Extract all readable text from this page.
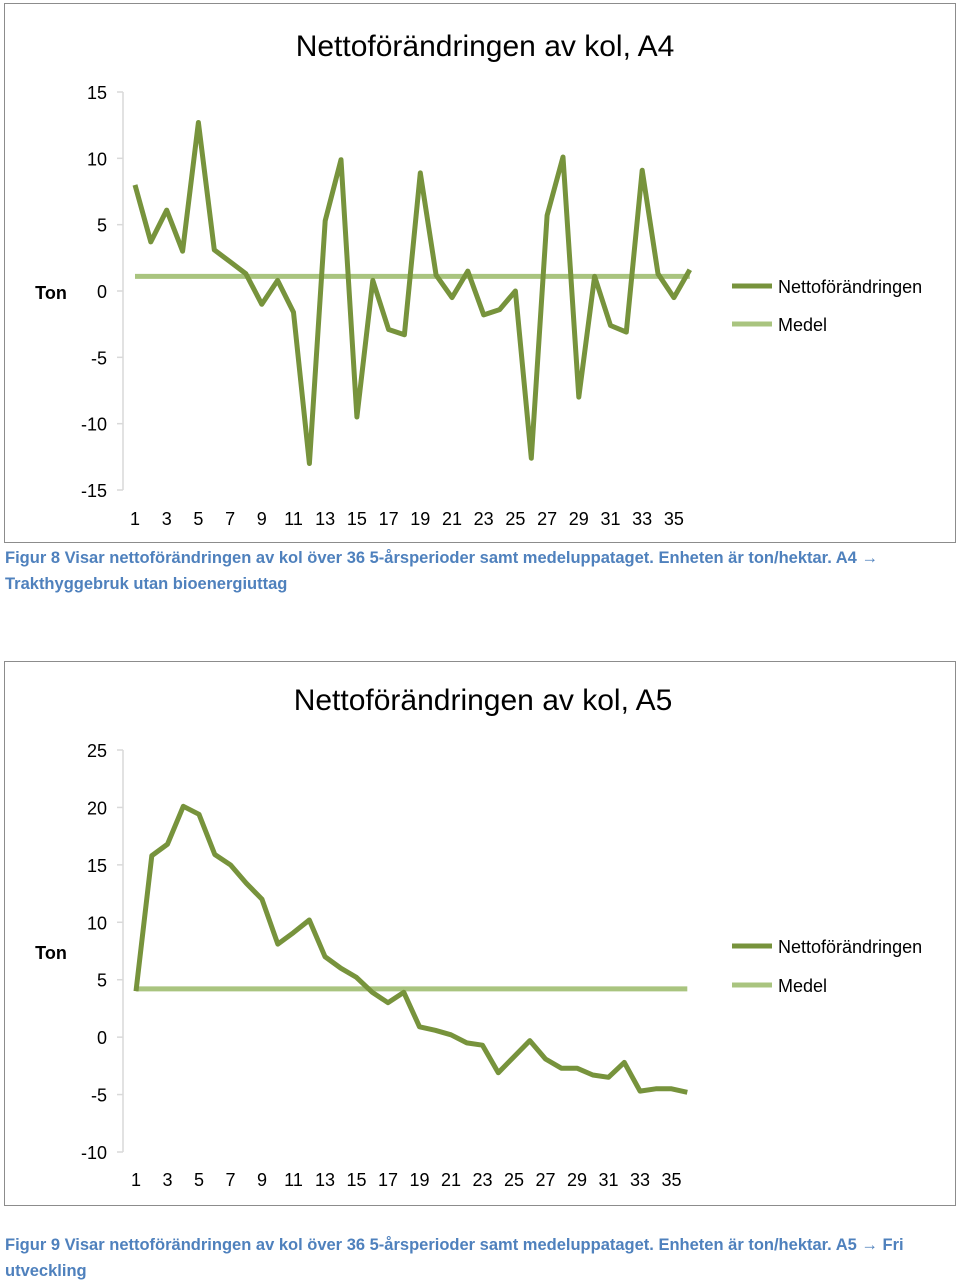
Nettoförändringen av kol, A4
Ton	Nettoförändringen
Medel
-15
-10
-5
0
5
10
15
1 3 5 7 9 11 13 15 17 19 21 23 25 27 29 31 33 35
Figur 8 Visar nettoförändringen av kol över 36 5-årsperioder samt medeluppataget. Enheten är ton/hektar. A4 → Trakthyggebruk utan bioenergiuttag
Nettoförändringen av kol, A5
Ton	Nettoförändringen
Medel
-10
-5
0
5
10
15
20
25
1 3 5 7 9 11 13 15 17 19 21 23 25 27 29 31 33 35
Figur 9 Visar nettoförändringen av kol över 36 5-årsperioder samt medeluppataget. Enheten är ton/hektar. A5 → Fri utveckling
